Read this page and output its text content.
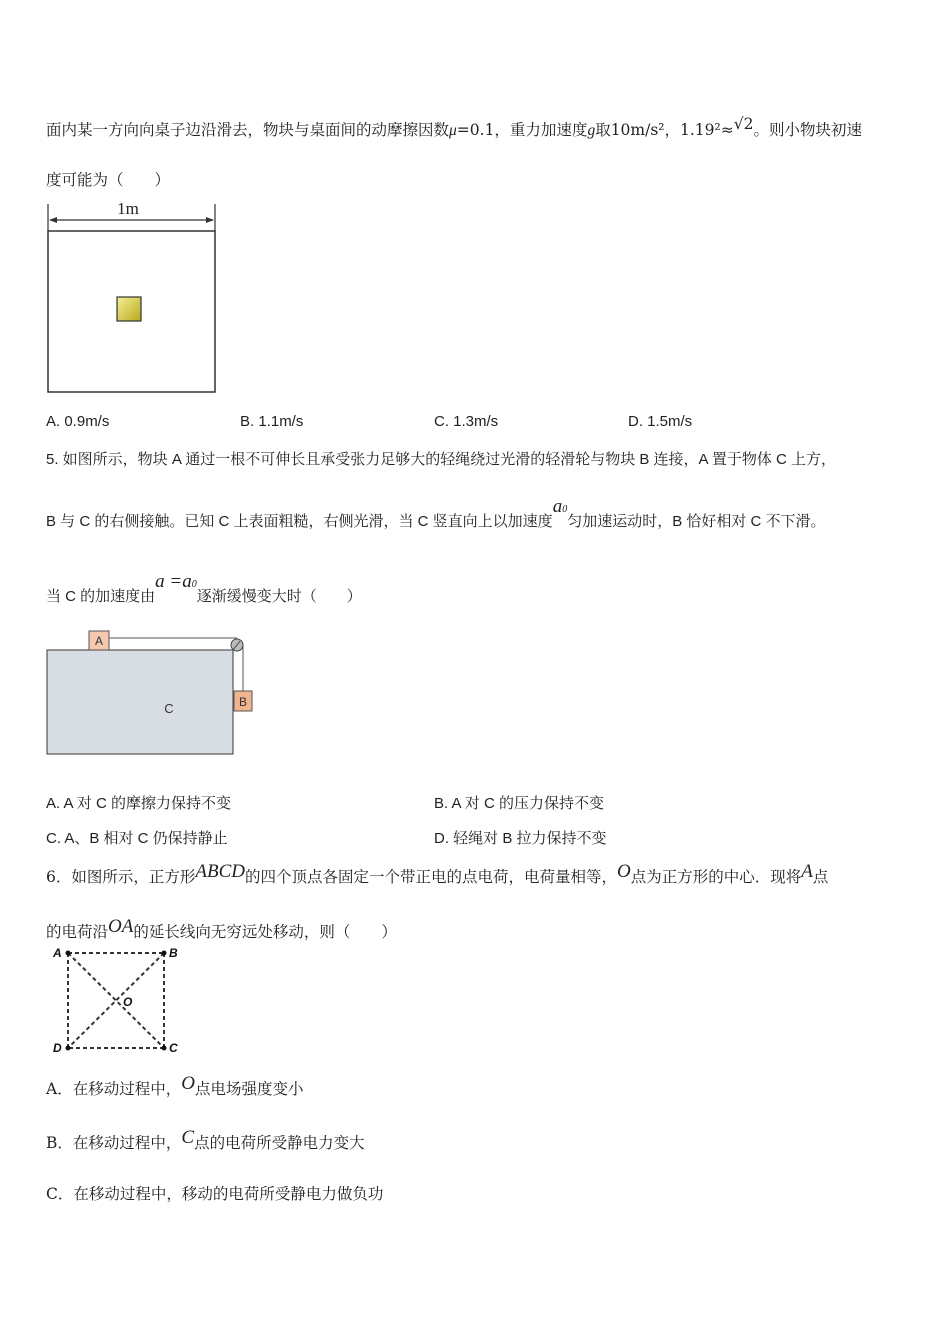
.
.
面内某一方向向桌子边沿滑去，物块与桌面间的动摩擦因数μ=0.1，重力加速度g取10m/s²，1.19²≈√2。则小物块初速
度可能为（　　）
1m
A. 0.9m/s	B. 1.1m/s	C. 1.3m/s	D. 1.5m/s
5. 如图所示，物块 A 通过一根不可伸长且承受张力足够大的轻绳绕过光滑的轻滑轮与物块 B 连接，A 置于物体 C 上方，
B 与 C 的右侧接触。已知 C 上表面粗糙，右侧光滑，当 C 竖直向上以加速度a0匀加速运动时，B 恰好相对 C 不下滑。
当 C 的加速度由a =a0逐渐缓慢变大时（　　）
C
A
B
A. A 对 C 的摩擦力保持不变	B. A 对 C 的压力保持不变
C. A、B 相对 C 仍保持静止	D. 轻绳对 B 拉力保持不变
6．如图所示，正方形ABCD的四个顶点各固定一个带正电的点电荷，电荷量相等，O点为正方形的中心．现将A点
的电荷沿OA的延长线向无穷远处移动，则（　　）
A	B
C
D
O
A．在移动过程中，O点电场强度变小
B．在移动过程中，C点的电荷所受静电力变大
C．在移动过程中，移动的电荷所受静电力做负功
